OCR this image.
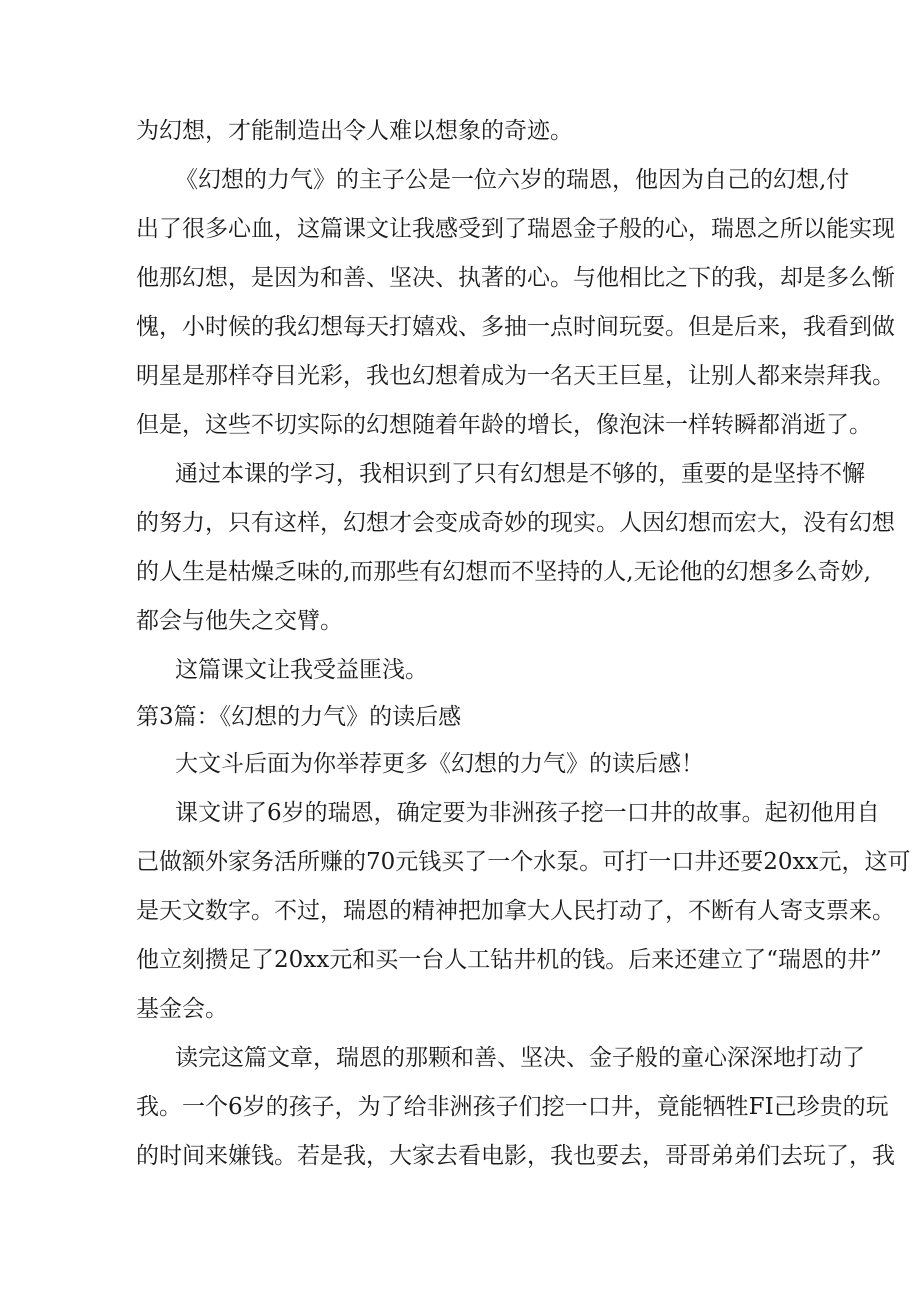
为幻想，才能制造出令人难以想象的奇迹。
《幻想的力气》的主子公是一位六岁的瑞恩，他因为自己的幻想,付
出了很多心血，这篇课文让我感受到了瑞恩金子般的心，瑞恩之所以能实现
他那幻想，是因为和善、坚决、执著的心。与他相比之下的我，却是多么惭
愧，小时候的我幻想每天打嬉戏、多抽一点时间玩耍。但是后来，我看到做
明星是那样夺目光彩，我也幻想着成为一名天王巨星，让别人都来崇拜我。
但是，这些不切实际的幻想随着年龄的增长，像泡沫一样转瞬都消逝了。
通过本课的学习，我相识到了只有幻想是不够的，重要的是坚持不懈
的努力，只有这样，幻想才会变成奇妙的现实。人因幻想而宏大，没有幻想
的人生是枯燥乏味的,而那些有幻想而不坚持的人,无论他的幻想多么奇妙,
都会与他失之交臂。
这篇课文让我受益匪浅。
第3篇：《幻想的力气》的读后感
大文斗后面为你举荐更多《幻想的力气》的读后感！
课文讲了6岁的瑞恩，确定要为非洲孩子挖一口井的故事。起初他用自
己做额外家务活所赚的70元钱买了一个水泵。可打一口井还要20xx元，这可
是天文数字。不过，瑞恩的精神把加拿大人民打动了，不断有人寄支票来。
他立刻攒足了20xx元和买一台人工钻井机的钱。后来还建立了“瑞恩的井”
基金会。
读完这篇文章，瑞恩的那颗和善、坚决、金子般的童心深深地打动了
我。一个6岁的孩子，为了给非洲孩子们挖一口井，竟能牺牲FI己珍贵的玩
的时间来嫌钱。若是我，大家去看电影，我也要去，哥哥弟弟们去玩了，我
